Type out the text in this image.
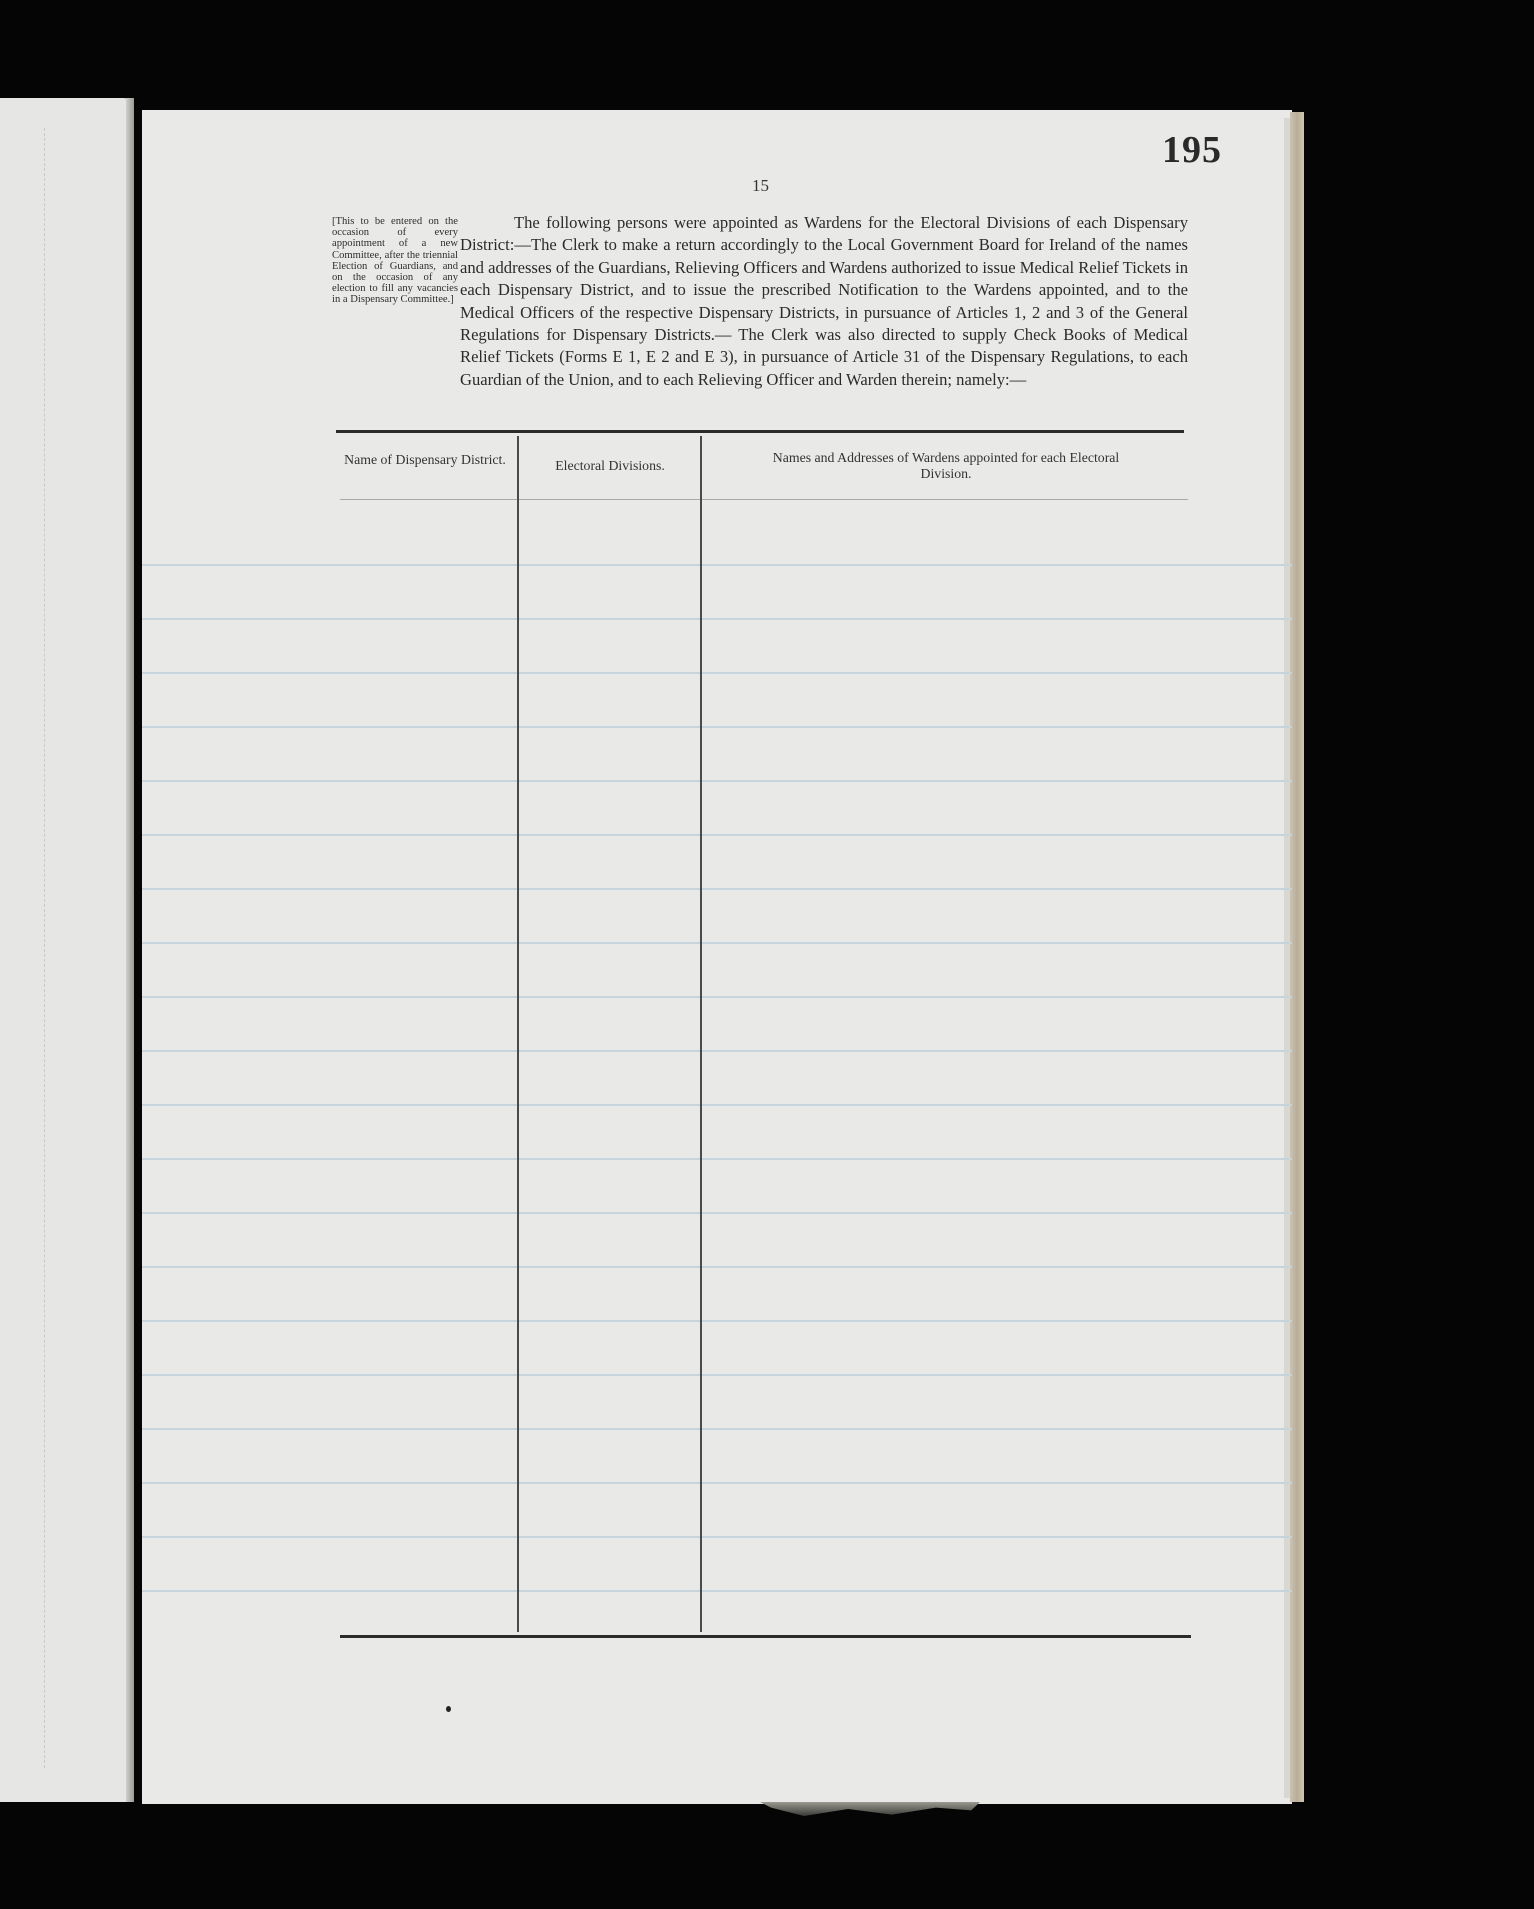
195
15
[This to be entered on the occasion of every appointment of a new Committee, after the triennial Election of Guardians, and on the occasion of any election to fill any vacancies in a Dispensary Committee.]
The following persons were appointed as Wardens for the Electoral Divisions of each Dispensary District:—The Clerk to make a return accordingly to the Local Government Board for Ireland of the names and addresses of the Guardians, Relieving Officers and Wardens authorized to issue Medical Relief Tickets in each Dispensary District, and to issue the prescribed Notification to the Wardens appointed, and to the Medical Officers of the respective Dispensary Districts, in pursuance of Articles 1, 2 and 3 of the General Regulations for Dispensary Districts.— The Clerk was also directed to supply Check Books of Medical Relief Tickets (Forms E 1, E 2 and E 3), in pursuance of Article 31 of the Dispensary Regulations, to each Guardian of the Union, and to each Relieving Officer and Warden therein; namely:—
Name of Dispensary District.	Electoral Divisions.
Names and Addresses of Wardens appointed for each Electoral Division.
